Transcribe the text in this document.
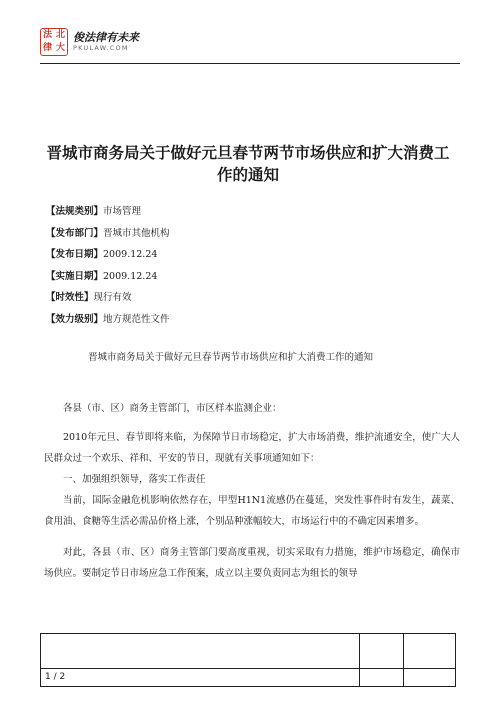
法 北
律 大
俊法律有未来
PKULAW.COM
晋城市商务局关于做好元旦春节两节市场供应和扩大消费工
作的通知
【法规类别】市场管理
【发布部门】晋城市其他机构
【发布日期】2009.12.24
【实施日期】2009.12.24
【时效性】现行有效
【效力级别】地方规范性文件
晋城市商务局关于做好元旦春节两节市场供应和扩大消费工作的通知

各县（市、区）商务主管部门，市区样本监测企业：

2010年元旦、春节即将来临，为保障节日市场稳定，扩大市场消费，维护流通安全，使广大人民群众过一个欢乐、祥和、平安的节日，现就有关事项通知如下：

一、加强组织领导，落实工作责任

当前，国际金融危机影响依然存在，甲型H1N1流感仍在蔓延，突发性事件时有发生，蔬菜、食用油、食糖等生活必需品价格上涨，个别品种涨幅较大，市场运行中的不确定因素增多。

对此，各县（市、区）商务主管部门要高度重视，切实采取有力措施，维护市场稳定，确保市场供应。要制定节日市场应急工作预案，成立以主要负责同志为组长的领导

1 / 2
